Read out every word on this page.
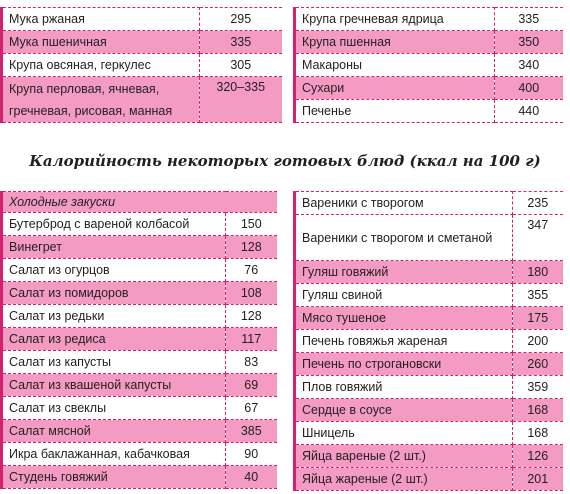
Мука ржаная	295
Мука пшеничная	335
Крупа овсяная, геркулес	305
Крупа перловая, ячневая, гречневая, рисовая, манная	320–335
Крупа гречневая ядрица	335
Крупа пшенная	350
Макароны	340
Сухари	400
Печенье	440
Калорийность некоторых готовых блюд (ккал на 100 г)
Холодные закуски	
Бутерброд с вареной колбасой	150
Винегрет	128
Салат из огурцов	76
Салат из помидоров	108
Салат из редьки	128
Салат из редиса	117
Салат из капусты	83
Салат из квашеной капусты	69
Салат из свеклы	67
Салат мясной	385
Икра баклажанная, кабачковая	90
Студень говяжий	40
Вареники с творогом	235
Вареники с творогом и сметаной	347
Гуляш говяжий	180
Гуляш свиной	355
Мясо тушеное	175
Печень говяжья жареная	200
Печень по строгановски	260
Плов говяжий	359
Сердце в соусе	168
Шницель	168
Яйца вареные (2 шт.)	126
Яйца жареные (2 шт.)	201
